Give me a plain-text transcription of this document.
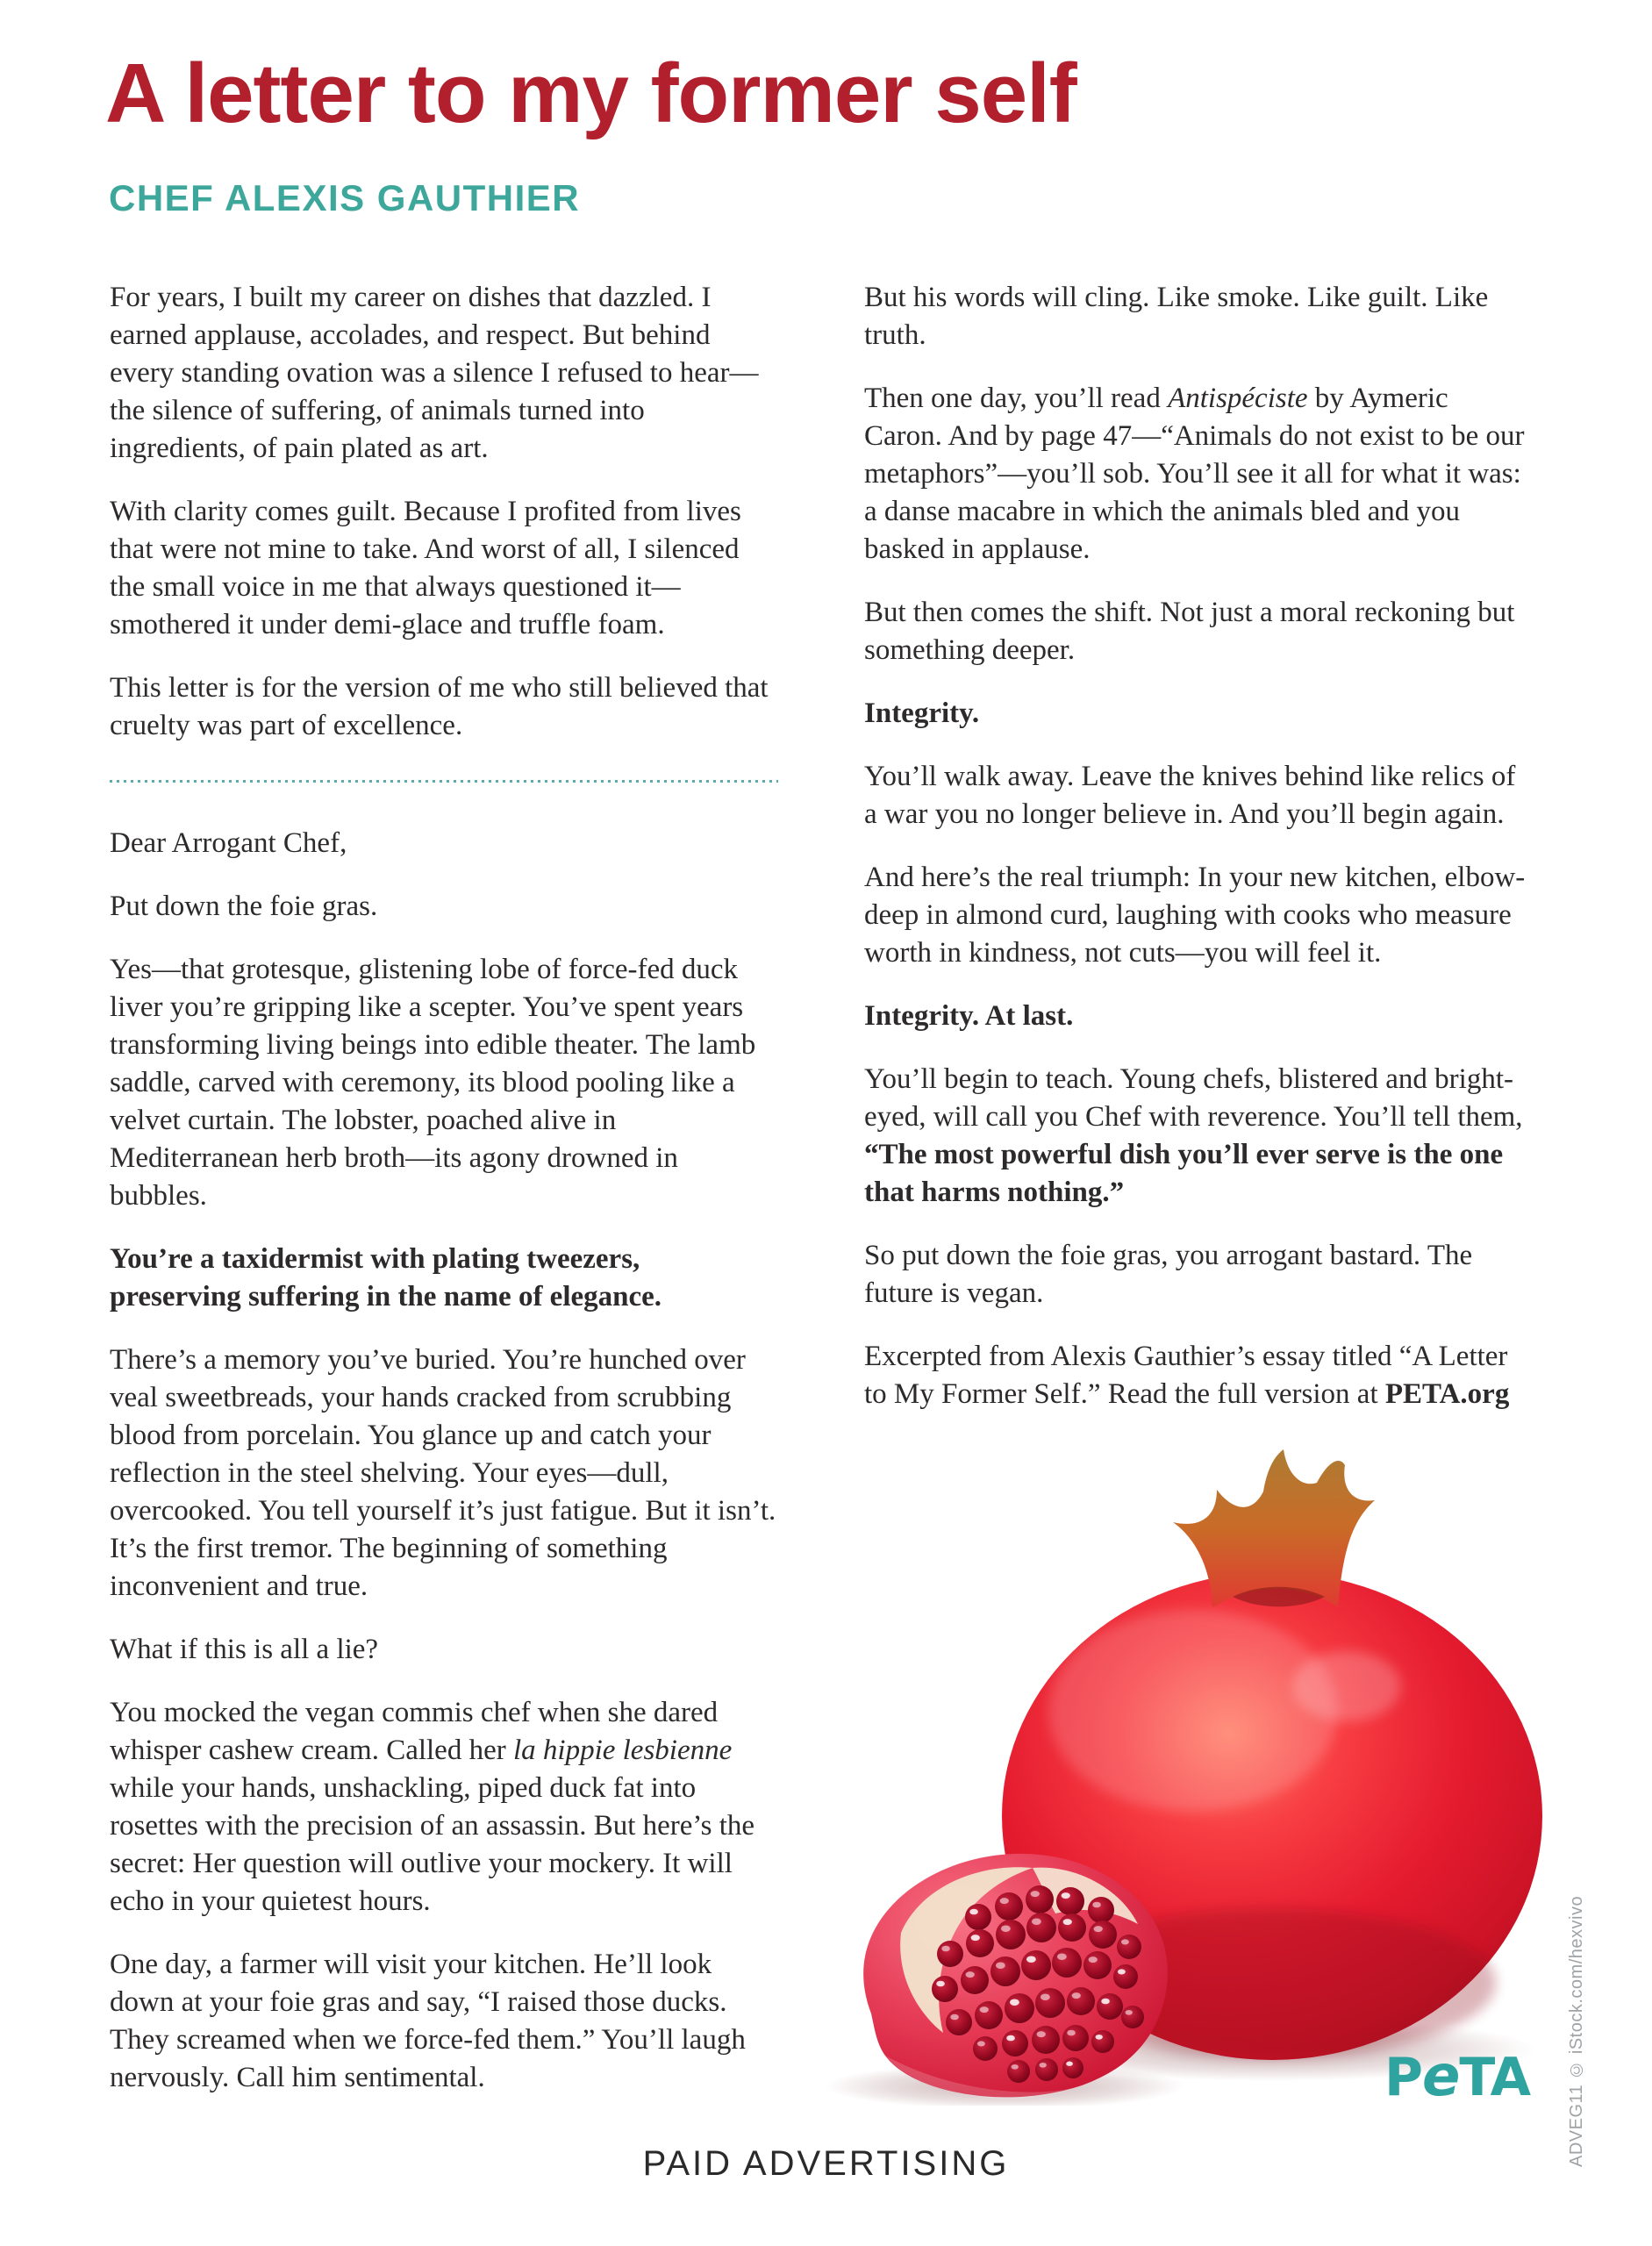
A letter to my former self
CHEF ALEXIS GAUTHIER

For years, I built my career on dishes that dazzled. I earned applause, accolades, and respect. But behind every standing ovation was a silence I refused to hear—the silence of suffering, of animals turned into ingredients, of pain plated as art.

With clarity comes guilt. Because I profited from lives that were not mine to take. And worst of all, I silenced the small voice in me that always questioned it—smothered it under demi-glace and truffle foam.

This letter is for the version of me who still believed that cruelty was part of excellence.

Dear Arrogant Chef,

Put down the foie gras.

Yes—that grotesque, glistening lobe of force-fed duck liver you’re gripping like a scepter. You’ve spent years transforming living beings into edible theater. The lamb saddle, carved with ceremony, its blood pooling like a velvet curtain. The lobster, poached alive in Mediterranean herb broth—its agony drowned in bubbles.

You’re a taxidermist with plating tweezers, preserving suffering in the name of elegance.

There’s a memory you’ve buried. You’re hunched over veal sweetbreads, your hands cracked from scrubbing blood from porcelain. You glance up and catch your reflection in the steel shelving. Your eyes—dull, overcooked. You tell yourself it’s just fatigue. But it isn’t. It’s the first tremor. The beginning of something inconvenient and true.

What if this is all a lie?

You mocked the vegan commis chef when she dared whisper cashew cream. Called her la hippie lesbienne while your hands, unshackling, piped duck fat into rosettes with the precision of an assassin. But here’s the secret: Her question will outlive your mockery. It will echo in your quietest hours.

One day, a farmer will visit your kitchen. He’ll look down at your foie gras and say, “I raised those ducks. They screamed when we force-fed them.” You’ll laugh nervously. Call him sentimental.

But his words will cling. Like smoke. Like guilt. Like truth.

Then one day, you’ll read Antispéciste by Aymeric Caron. And by page 47—“Animals do not exist to be our metaphors”—you’ll sob. You’ll see it all for what it was: a danse macabre in which the animals bled and you basked in applause.

But then comes the shift. Not just a moral reckoning but something deeper.

Integrity.

You’ll walk away. Leave the knives behind like relics of a war you no longer believe in. And you’ll begin again.

And here’s the real triumph: In your new kitchen, elbow-deep in almond curd, laughing with cooks who measure worth in kindness, not cuts—you will feel it.

Integrity. At last.

You’ll begin to teach. Young chefs, blistered and bright-eyed, will call you Chef with reverence. You’ll tell them, “The most powerful dish you’ll ever serve is the one that harms nothing.”

So put down the foie gras, you arrogant bastard. The future is vegan.

Excerpted from Alexis Gauthier’s essay titled “A Letter to My Former Self.” Read the full version at PETA.org

PeTA ADVEG11 © iStock.com/hexvivo
PAID ADVERTISING
